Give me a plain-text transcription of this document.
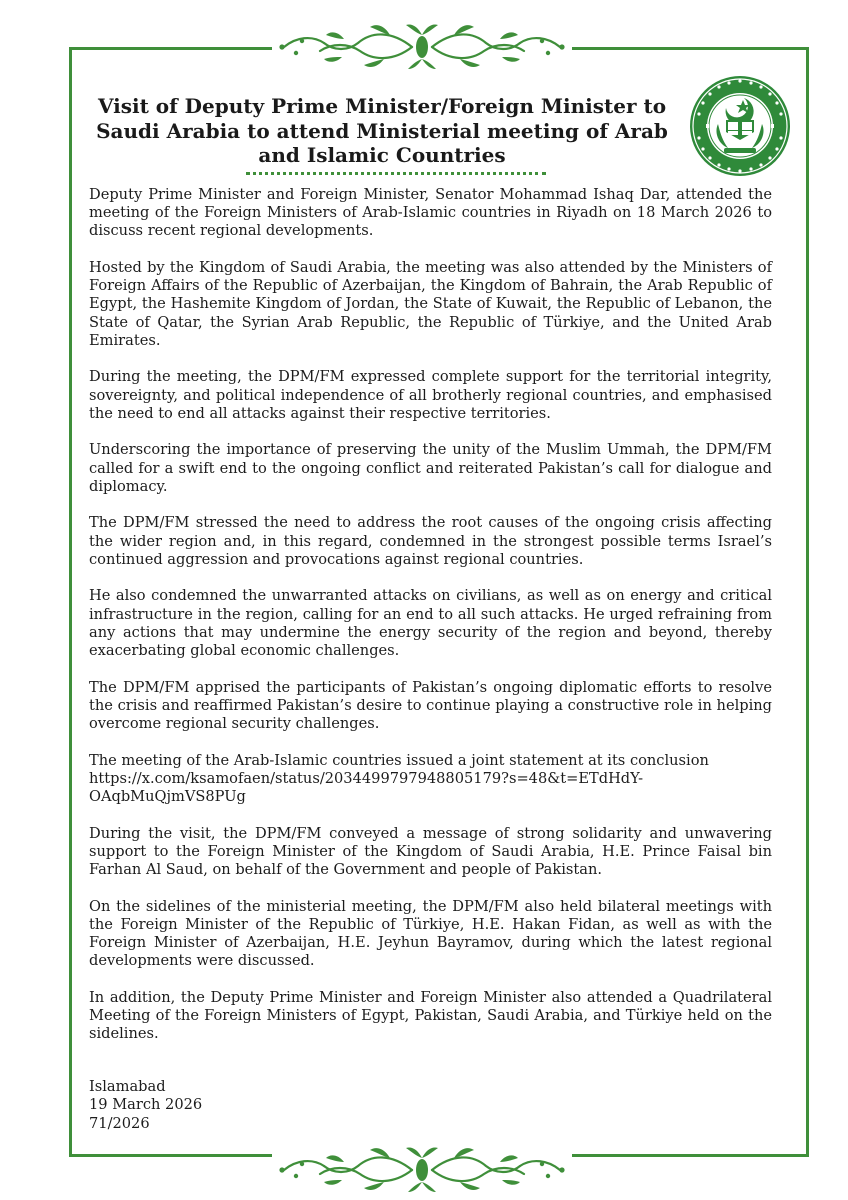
Visit of Deputy Prime Minister/Foreign Minister to Saudi Arabia to attend Ministerial meeting of Arab and Islamic Countries

Deputy Prime Minister and Foreign Minister, Senator Mohammad Ishaq Dar, attended the meeting of the Foreign Ministers of Arab-Islamic countries in Riyadh on 18 March 2026 to discuss recent regional developments.

Hosted by the Kingdom of Saudi Arabia, the meeting was also attended by the Ministers of Foreign Affairs of the Republic of Azerbaijan, the Kingdom of Bahrain, the Arab Republic of Egypt, the Hashemite Kingdom of Jordan, the State of Kuwait, the Republic of Lebanon, the State of Qatar, the Syrian Arab Republic, the Republic of Türkiye, and the United Arab Emirates.

During the meeting, the DPM/FM expressed complete support for the territorial integrity, sovereignty, and political independence of all brotherly regional countries, and emphasised the need to end all attacks against their respective territories.

Underscoring the importance of preserving the unity of the Muslim Ummah, the DPM/FM called for a swift end to the ongoing conflict and reiterated Pakistan’s call for dialogue and diplomacy.

The DPM/FM stressed the need to address the root causes of the ongoing crisis affecting the wider region and, in this regard, condemned in the strongest possible terms Israel’s continued aggression and provocations against regional countries.

He also condemned the unwarranted attacks on civilians, as well as on energy and critical infrastructure in the region, calling for an end to all such attacks. He urged refraining from any actions that may undermine the energy security of the region and beyond, thereby exacerbating global economic challenges.

The DPM/FM apprised the participants of Pakistan’s ongoing diplomatic efforts to resolve the crisis and reaffirmed Pakistan’s desire to continue playing a constructive role in helping overcome regional security challenges.

The meeting of the Arab-Islamic countries issued a joint statement at its conclusion
https://x.com/ksamofaen/status/2034499797948805179?s=48&t=ETdHdY-OAqbMuQjmVS8PUg

During the visit, the DPM/FM conveyed a message of strong solidarity and unwavering support to the Foreign Minister of the Kingdom of Saudi Arabia, H.E. Prince Faisal bin Farhan Al Saud, on behalf of the Government and people of Pakistan.

On the sidelines of the ministerial meeting, the DPM/FM also held bilateral meetings with the Foreign Minister of the Republic of Türkiye, H.E. Hakan Fidan, as well as with the Foreign Minister of Azerbaijan, H.E. Jeyhun Bayramov, during which the latest regional developments were discussed.

In addition, the Deputy Prime Minister and Foreign Minister also attended a Quadrilateral Meeting of the Foreign Ministers of Egypt, Pakistan, Saudi Arabia, and Türkiye held on the sidelines.

Islamabad
19 March 2026
71/2026
